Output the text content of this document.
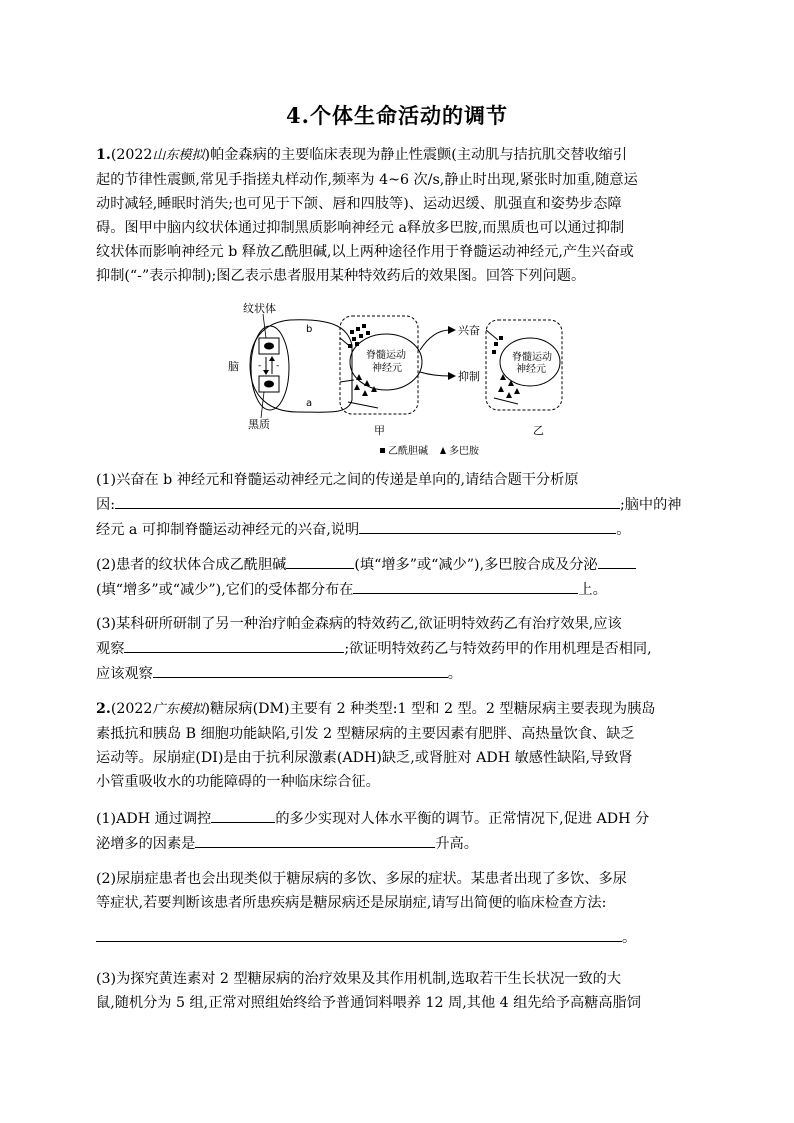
4.个体生命活动的调节
1.(2022山东模拟)帕金森病的主要临床表现为静止性震颤(主动肌与拮抗肌交替收缩引
起的节律性震颤,常见手指搓丸样动作,频率为 4~6 次/s,静止时出现,紧张时加重,随意运
动时减轻,睡眠时消失;也可见于下颌、唇和四肢等)、运动迟缓、肌强直和姿势步态障
碍。图甲中脑内纹状体通过抑制黑质影响神经元 a释放多巴胺,而黑质也可以通过抑制
纹状体而影响神经元 b 释放乙酰胆碱,以上两种途径作用于脊髓运动神经元,产生兴奋或
抑制(“-”表示抑制);图乙表示患者服用某种特效药后的效果图。回答下列问题。
- -
纹状体
脑
黑质
b
a
脊髓运动
神经元
兴奋
抑制
甲
脊髓运动
神经元
乙
乙酰胆碱 多巴胺
(1)兴奋在 b 神经元和脊髓运动神经元之间的传递是单向的,请结合题干分析原
因:	;脑中的神
经元 a 可抑制脊髓运动神经元的兴奋,说明	。
(2)患者的纹状体合成乙酰胆碱	(填“增多”或“减少”),多巴胺合成及分泌
(填“增多”或“减少”),它们的受体都分布在	上。
(3)某科研所研制了另一种治疗帕金森病的特效药乙,欲证明特效药乙有治疗效果,应该
观察	;欲证明特效药乙与特效药甲的作用机理是否相同,
应该观察	。
2.(2022广东模拟)糖尿病(DM)主要有 2 种类型:1 型和 2 型。2 型糖尿病主要表现为胰岛
素抵抗和胰岛 B 细胞功能缺陷,引发 2 型糖尿病的主要因素有肥胖、高热量饮食、缺乏
运动等。尿崩症(DI)是由于抗利尿激素(ADH)缺乏,或肾脏对 ADH 敏感性缺陷,导致肾
小管重吸收水的功能障碍的一种临床综合征。
(1)ADH 通过调控	的多少实现对人体水平衡的调节。正常情况下,促进 ADH 分
泌增多的因素是	升高。
(2)尿崩症患者也会出现类似于糖尿病的多饮、多尿的症状。某患者出现了多饮、多尿
等症状,若要判断该患者所患疾病是糖尿病还是尿崩症,请写出简便的临床检查方法:
。
(3)为探究黄连素对 2 型糖尿病的治疗效果及其作用机制,选取若干生长状况一致的大
鼠,随机分为 5 组,正常对照组始终给予普通饲料喂养 12 周,其他 4 组先给予高糖高脂饲
